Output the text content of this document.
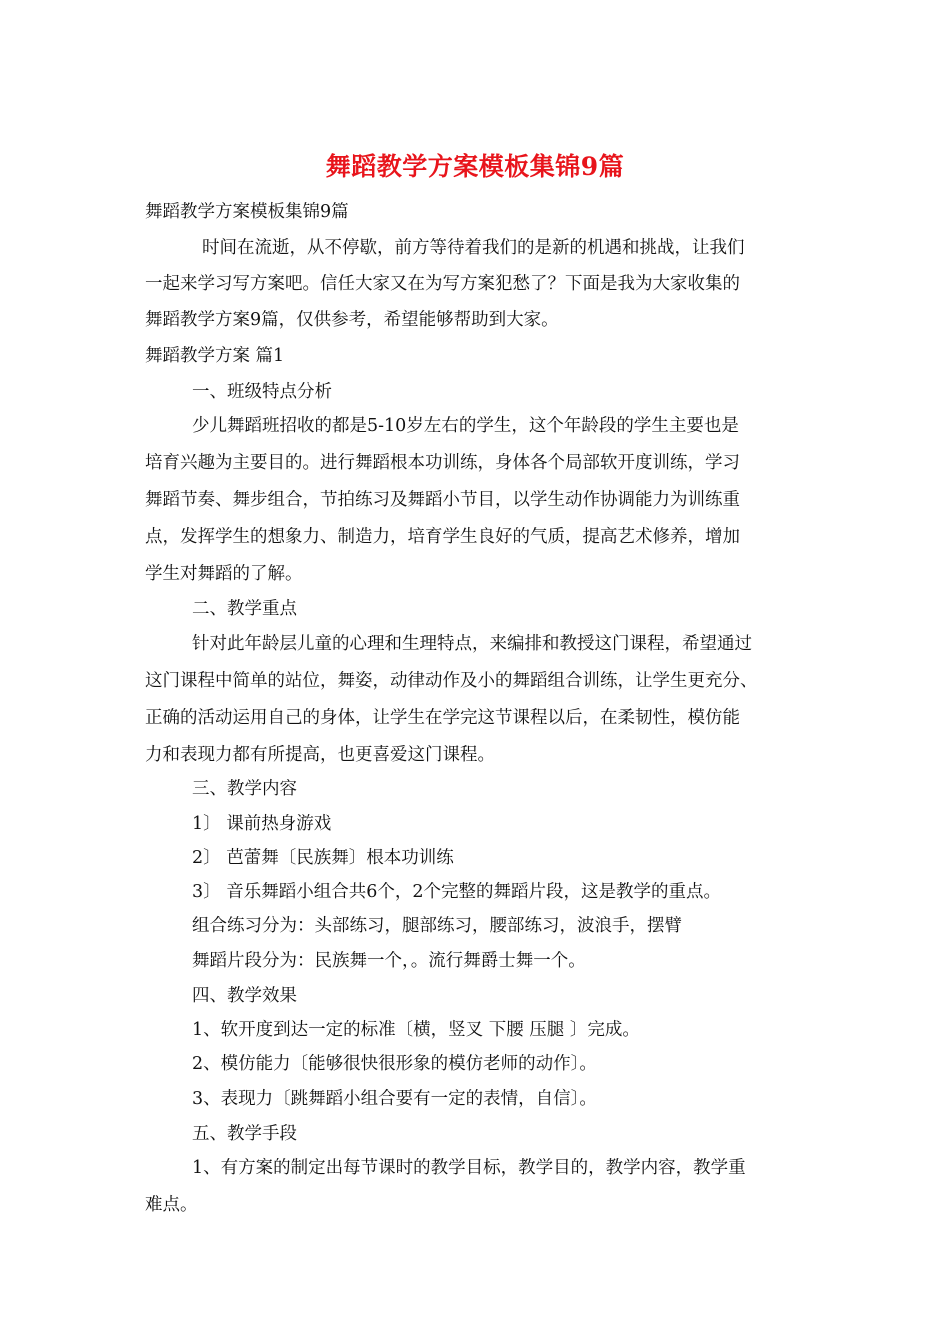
舞蹈教学方案模板集锦9篇
舞蹈教学方案模板集锦9篇
时间在流逝，从不停歇，前方等待着我们的是新的机遇和挑战，让我们
一起来学习写方案吧。信任大家又在为写方案犯愁了？下面是我为大家收集的
舞蹈教学方案9篇，仅供参考，希望能够帮助到大家。
舞蹈教学方案 篇1
一、班级特点分析
少儿舞蹈班招收的都是5-10岁左右的学生，这个年龄段的学生主要也是
培育兴趣为主要目的。进行舞蹈根本功训练，身体各个局部软开度训练，学习
舞蹈节奏、舞步组合，节拍练习及舞蹈小节目，以学生动作协调能力为训练重
点，发挥学生的想象力、制造力，培育学生良好的气质，提高艺术修养，增加
学生对舞蹈的了解。
二、教学重点
针对此年龄层儿童的心理和生理特点，来编排和教授这门课程，希望通过
这门课程中简单的站位，舞姿，动律动作及小的舞蹈组合训练，让学生更充分、
正确的活动运用自己的身体，让学生在学完这节课程以后，在柔韧性，模仿能
力和表现力都有所提高，也更喜爱这门课程。
三、教学内容
1〕 课前热身游戏
2〕 芭蕾舞〔民族舞〕根本功训练
3〕 音乐舞蹈小组合共6个，2个完整的舞蹈片段，这是教学的重点。
组合练习分为：头部练习，腿部练习，腰部练习，波浪手，摆臂
舞蹈片段分为：民族舞一个，。流行舞爵士舞一个。
四、教学效果
1、软开度到达一定的标准〔横，竖叉 下腰 压腿 〕完成。
2、模仿能力〔能够很快很形象的模仿老师的动作〕。
3、表现力〔跳舞蹈小组合要有一定的表情，自信〕。
五、教学手段
1、有方案的制定出每节课时的教学目标，教学目的，教学内容，教学重
难点。
